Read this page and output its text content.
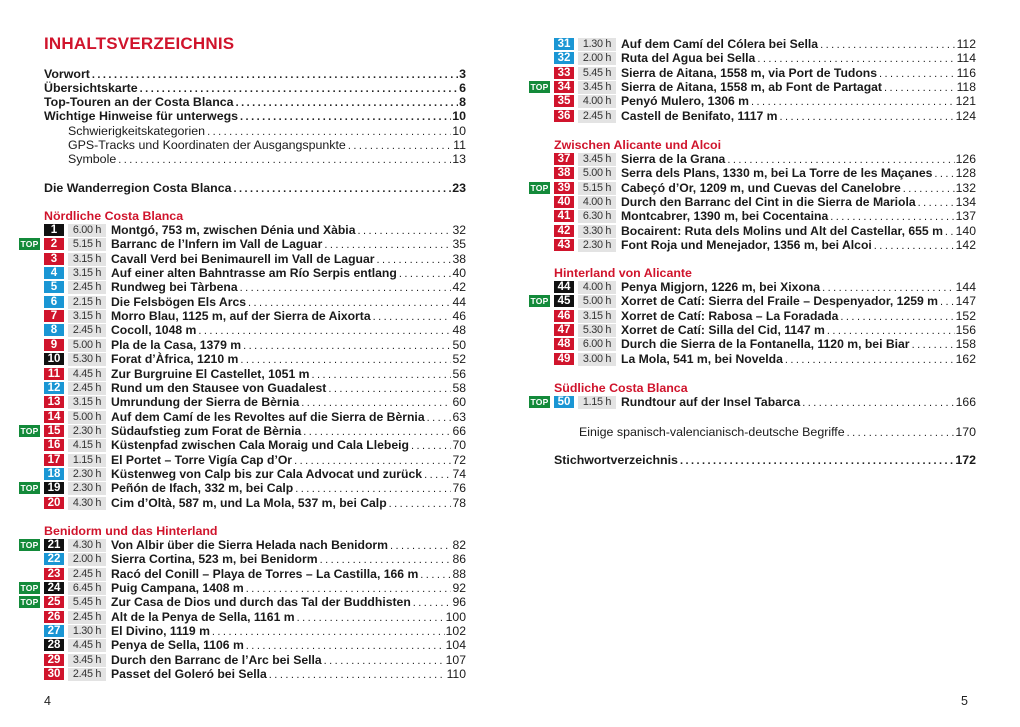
INHALTSVERZEICHNIS
Vorwort . . .	3
Übersichtskarte . . .	6
Top-Touren an der Costa Blanca . . .	8
Wichtige Hinweise für unterwegs . . .	10
Schwierigkeitskategorien . . .	10
GPS-Tracks und Koordinaten der Ausgangspunkte . . .	11
Symbole . . .	13
Die Wanderregion Costa Blanca . . .	23
Nördliche Costa Blanca
1	6.00 h Montgó, 753 m, zwischen Dénia und Xàbia . . .	32
TOP	2	5.15 h Barranc de l’Infern im Vall de Laguar . . .	35
3	3.15 h Cavall Verd bei Benimaurell im Vall de Laguar . . .	38
4	3.15 h Auf einer alten Bahntrasse am Río Serpis entlang . . .	40
5	2.45 h Rundweg bei Tàrbena . . .	42
6	2.15 h Die Felsbögen Els Arcs . . .	44
7	3.15 h Morro Blau, 1125 m, auf der Sierra de Aixorta . . .	46
8	2.45 h Cocoll, 1048 m . . .	48
9	5.00 h Pla de la Casa, 1379 m . . .	50
10	5.30 h Forat d’Àfrica, 1210 m . . .	52
11	4.45 h Zur Burgruine El Castellet, 1051 m . . .	56
12	2.45 h Rund um den Stausee von Guadalest . . .	58
13	3.15 h Umrundung der Sierra de Bèrnia . . .	60
14	5.00 h Auf dem Camí de les Revoltes auf die Sierra de Bèrnia . . . 63
TOP 15	2.30 h Südaufstieg zum Forat de Bèrnia . . .	66
16	4.15 h Küstenpfad zwischen Cala Moraig und Cala Llebeig . . .	70
17	1.15 h El Portet – Torre Vigía Cap d’Or . . .	72
18	2.30 h Küstenweg von Calp bis zur Cala Advocat und zurück . . . 74
TOP 19	2.30 h Peñón de Ifach, 332 m, bei Calp . . .	76
20	4.30 h Cim d’Oltà, 587 m, und La Mola, 537 m, bei Calp . . .	78
Benidorm und das Hinterland
TOP 21	4.30 h Von Albir über die Sierra Helada nach Benidorm . . .	82
22	2.00 h Sierra Cortina, 523 m, bei Benidorm . . .	86
23	2.45 h Racó del Conill – Playa de Torres – La Castilla, 166 m . . .	88
TOP 24	6.45 h Puig Campana, 1408 m . . .	92
TOP 25	5.45 h Zur Casa de Dios und durch das Tal der Buddhisten . . .	96
26	2.45 h Alt de la Penya de Sella, 1161 m . . .	100
27	1.30 h El Divino, 1119 m . . .	102
28	4.45 h Penya de Sella, 1106 m . . .	104
29	3.45 h Durch den Barranc de l’Arc bei Sella . . .	107
30	2.45 h Passet del Goleró bei Sella . . .	110
4
31	1.30 h Auf dem Camí del Cólera bei Sella . . .	112
32	2.00 h Ruta del Agua bei Sella . . .	114
33	5.45 h Sierra de Aitana, 1558 m, via Port de Tudons . . .	116
TOP 34	3.45 h Sierra de Aitana, 1558 m, ab Font de Partagat . . .	118
35	4.00 h Penyó Mulero, 1306 m . . .	121
36	2.45 h Castell de Benifato, 1117 m . . .	124
Zwischen Alicante und Alcoi
37	3.45 h Sierra de la Grana . . .	126
38	5.00 h Serra dels Plans, 1330 m, bei La Torre de les Maçanes . . . 128
TOP 39	5.15 h Cabeçó d’Or, 1209 m, und Cuevas del Canelobre . . .	132
40	4.00 h Durch den Barranc del Cint in die Sierra de Mariola . . .	134
41	6.30 h Montcabrer, 1390 m, bei Cocentaina . . .	137
42	3.30 h Bocairent: Ruta dels Molins und Alt del Castellar, 655 m . . . 140
43	2.30 h Font Roja und Menejador, 1356 m, bei Alcoi . . .	142
Hinterland von Alicante
44	4.00 h Penya Migjorn, 1226 m, bei Xixona . . .	144
TOP 45	5.00 h Xorret de Catí: Sierra del Fraile – Despenyador, 1259 m . . . 147
46	3.15 h Xorret de Catí: Rabosa – La Foradada . . .	152
47	5.30 h Xorret de Catí: Silla del Cid, 1147 m . . .	156
48	6.00 h Durch die Sierra de la Fontanella, 1120 m, bei Biar . . .	158
49	3.00 h La Mola, 541 m, bei Novelda . . .	162
Südliche Costa Blanca
TOP 50	1.15 h Rundtour auf der Insel Tabarca . . .	166
Einige spanisch-valencianisch-deutsche Begriffe . . .	170
Stichwortverzeichnis . . .	172
5
